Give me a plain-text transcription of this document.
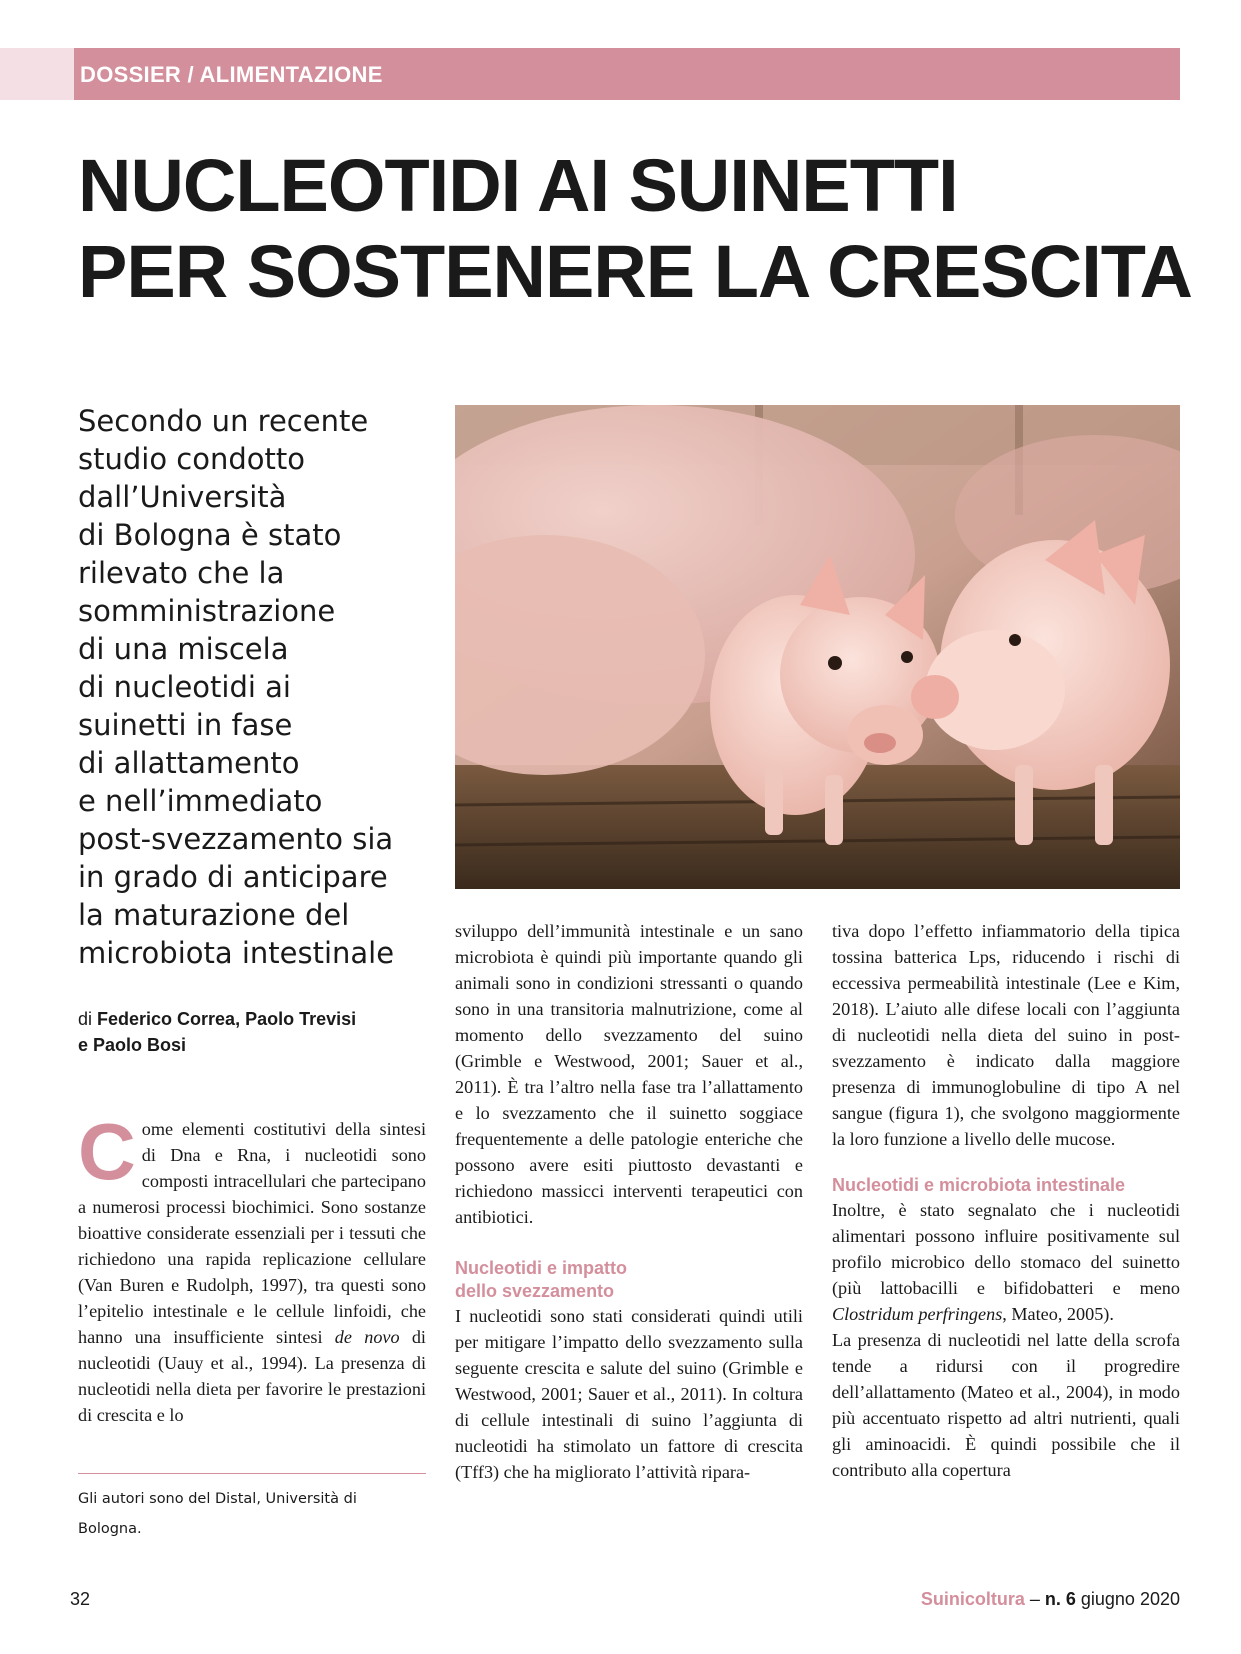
DOSSIER / ALIMENTAZIONE
NUCLEOTIDI AI SUINETTI
PER SOSTENERE LA CRESCITA

Secondo un recente
studio condotto
dall’Università
di Bologna è stato
rilevato che la
somministrazione
di una miscela
di nucleotidi ai
suinetti in fase
di allattamento
e nell’immediato
post-svezzamento sia
in grado di anticipare
la maturazione del
microbiota intestinale

di Federico Correa, Paolo Trevisi
e Paolo Bosi

Come elementi costitutivi della sintesi di Dna e Rna, i nucleotidi sono composti intracellulari che partecipano a numerosi processi biochimici. Sono sostanze bioattive considerate essenziali per i tessuti che richiedono una rapida replicazione cellulare (Van Buren e Rudolph, 1997), tra questi sono l’epitelio intestinale e le cellule linfoidi, che hanno una insufficiente sintesi de novo di nucleotidi (Uauy et al., 1994). La presenza di nucleotidi nella dieta per favorire le prestazioni di crescita e lo

Gli autori sono del Distal, Università di
Bologna.

sviluppo dell’immunità intestinale e un sano microbiota è quindi più importante quando gli animali sono in condizioni stressanti o quando sono in una transitoria malnutrizione, come al momento dello svezzamento del suino (Grimble e Westwood, 2001; Sauer et al., 2011). È tra l’altro nella fase tra l’allattamento e lo svezzamento che il suinetto soggiace frequentemente a delle patologie enteriche che possono avere esiti piuttosto devastanti e richiedono massicci interventi terapeutici con antibiotici.

Nucleotidi e impatto
dello svezzamento

I nucleotidi sono stati considerati quindi utili per mitigare l’impatto dello svezzamento sulla seguente crescita e salute del suino (Grimble e Westwood, 2001; Sauer et al., 2011). In coltura di cellule intestinali di suino l’aggiunta di nucleotidi ha stimolato un fattore di crescita (Tff3) che ha migliorato l’attività ripara-

tiva dopo l’effetto infiammatorio della tipica tossina batterica Lps, riducendo i rischi di eccessiva permeabilità intestinale (Lee e Kim, 2018). L’aiuto alle difese locali con l’aggiunta di nucleotidi nella dieta del suino in post-svezzamento è indicato dalla maggiore presenza di immunoglobuline di tipo A nel sangue (figura 1), che svolgono maggiormente la loro funzione a livello delle mucose.

Nucleotidi e microbiota intestinale

Inoltre, è stato segnalato che i nucleotidi alimentari possono influire positivamente sul profilo microbico dello stomaco del suinetto (più lattobacilli e bifidobatteri e meno Clostridum perfringens, Mateo, 2005).

La presenza di nucleotidi nel latte della scrofa tende a ridursi con il progredire dell’allattamento (Mateo et al., 2004), in modo più accentuato rispetto ad altri nutrienti, quali gli aminoacidi. È quindi possibile che il contributo alla copertura

32	Suinicoltura – n. 6 giugno 2020
